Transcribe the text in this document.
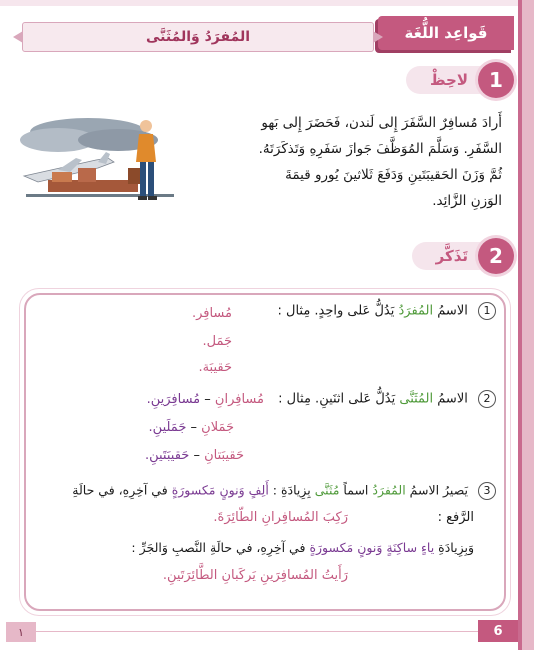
قَواعِد اللُّغَة
المُفرَدُ وَالمُثَنَّى
1
لاحِظْ
أَرادَ مُسافِرٌ السَّفَرَ إِلى لَندن، فَحَضَرَ إِلى بَهو
السَّفَرِ. وَسَلَّمَ المُوَظَّفَ جَوازَ سَفَرِهِ وَتَذكَرَتَهُ.
ثُمَّ وَزَنَ الحَقيبَتَينِ وَدَفَعَ ثَلاثينَ يُورو قيمَةَ
الوَزنِ الزَّائِد.
2
تَذَكَّر
1 الاسمُ المُفرَدُ يَدُلُّ عَلى واحِدٍ. مِثال :
مُسافِر.
جَمَل.
حَقيبَة.
2 الاسمُ المُثَنَّى يَدُلُّ عَلى اثنَينِ. مِثال :
مُسافِرانِ – مُسافِرَينِ.
جَمَلانِ – جَمَلَينِ.
حَقيبَتانِ – حَقيبَتَينِ.
3 يَصيرُ الاسمُ المُفرَدُ اسماً مُثَنَّى بِزِيادَةِ : أَلِفٍ وَنونٍ مَكسورَةٍ في آخِرِهِ، في حالَةِ
الرَّفع :
رَكِبَ المُسافِرانِ الطّائِرَةَ.
وَبِزِيادَةِ ياءٍ ساكِنَةٍ وَنونٍ مَكسورَةٍ في آخِرِهِ، في حالَةِ النَّصبِ وَالجَرِّ :
رَأَيتُ المُسافِرَينِ يَركَبانِ الطَّائِرَتَينِ.
١	6
